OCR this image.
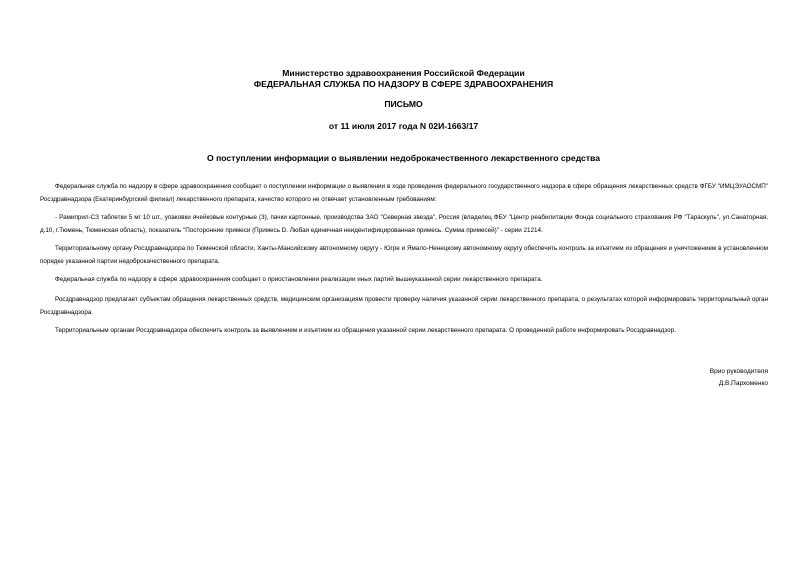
Министерство здравоохранения Российской Федерации
ФЕДЕРАЛЬНАЯ СЛУЖБА ПО НАДЗОРУ В СФЕРЕ ЗДРАВООХРАНЕНИЯ
ПИСЬМО
от 11 июля 2017 года N 02И-1663/17
О поступлении информации о выявлении недоброкачественного лекарственного средства

Федеральная служба по надзору в сфере здравоохранения сообщает о поступлении информации о выявлении в ходе проведения федерального государственного надзора в сфере обращения лекарственных средств ФГБУ "ИМЦЭУАОСМП" Росздравнадзора (Екатеринбургский филиал) лекарственного препарата, качество которого не отвечает установленным требованиям:

- Рамиприл-СЗ таблетки 5 мг 10 шт., упаковки ячейковые контурные (3), пачки картонные, производства ЗАО "Северная звезда", Россия (владелец ФБУ "Центр реабилитации Фонда социального страхования РФ "Тараскуль", ул.Санаторная, д.10, г.Тюмень, Тюменская область), показатель "Посторонние примеси (Примесь D. Любая единичная неидентифицированная примесь. Сумма примесей)" - серии 21214.

Территориальному органу Росздравнадзора по Тюменской области, Ханты-Мансийскому автономному округу - Югре и Ямало-Ненецкому автономному округу обеспечить контроль за изъятием из обращения и уничтожением в установленном порядке указанной партии недоброкачественного препарата.

Федеральная служба по надзору в сфере здравоохранения сообщает о приостановлении реализации иных партий вышеуказанной серии лекарственного препарата.

Росздравнадзор предлагает субъектам обращения лекарственных средств, медицинским организациям провести проверку наличия указанной серии лекарственного препарата, о результатах которой информировать территориальный орган Росздравнадзора.

Территориальным органам Росздравнадзора обеспечить контроль за выявлением и изъятием из обращения указанной серии лекарственного препарата. О проведенной работе информировать Росздравнадзор.

Врио руководителя
Д.В.Пархоменко
